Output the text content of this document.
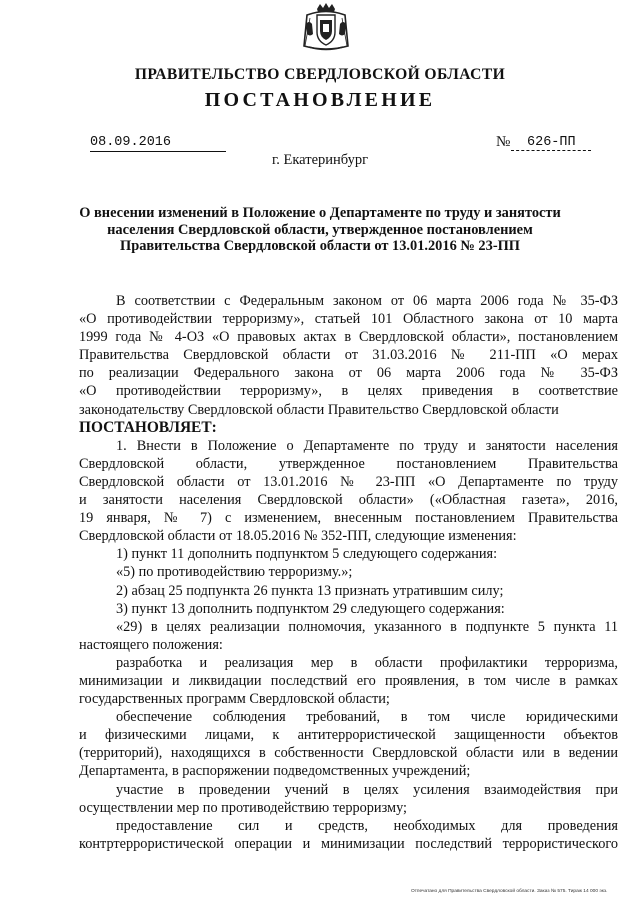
ПРАВИТЕЛЬСТВО СВЕРДЛОВСКОЙ ОБЛАСТИ
ПОСТАНОВЛЕНИЕ
08.09.2016	№	626-ПП
г. Екатеринбург
О внесении изменений в Положение о Департаменте по труду и занятости
населения Свердловской области, утвержденное постановлением
Правительства Свердловской области от 13.01.2016 № 23-ПП
В соответствии с Федеральным законом от 06 марта 2006 года № 35-ФЗ
«О противодействии терроризму», статьей 101 Областного закона от 10 марта
1999 года № 4-ОЗ «О правовых актах в Свердловской области», постановлением
Правительства Свердловской области от 31.03.2016 № 211-ПП «О мерах
по реализации Федерального закона от 06 марта 2006 года № 35-ФЗ
«О противодействии терроризму», в целях приведения в соответствие
законодательству Свердловской области Правительство Свердловской области
ПОСТАНОВЛЯЕТ:
1. Внести в Положение о Департаменте по труду и занятости населения
Свердловской области, утвержденное постановлением Правительства
Свердловской области от 13.01.2016 № 23-ПП «О Департаменте по труду
и занятости населения Свердловской области» («Областная газета», 2016,
19 января, № 7) с изменением, внесенным постановлением Правительства
Свердловской области от 18.05.2016 № 352-ПП, следующие изменения:
1) пункт 11 дополнить подпунктом 5 следующего содержания:
«5) по противодействию терроризму.»;
2) абзац 25 подпункта 26 пункта 13 признать утратившим силу;
3) пункт 13 дополнить подпунктом 29 следующего содержания:
«29) в целях реализации полномочия, указанного в подпункте 5 пункта 11
настоящего положения:
разработка и реализация мер в области профилактики терроризма,
минимизации и ликвидации последствий его проявления, в том числе в рамках
государственных программ Свердловской области;
обеспечение соблюдения требований, в том числе юридическими
и физическими лицами, к антитеррористической защищенности объектов
(территорий), находящихся в собственности Свердловской области или в ведении
Департамента, в распоряжении подведомственных учреждений;
участие в проведении учений в целях усиления взаимодействия при
осуществлении мер по противодействию терроризму;
предоставление сил и средств, необходимых для проведения
контртеррористической операции и минимизации последствий террористического
Отпечатано для Правительства Свердловской области. Заказ № 575. Тираж 14 000 экз.
